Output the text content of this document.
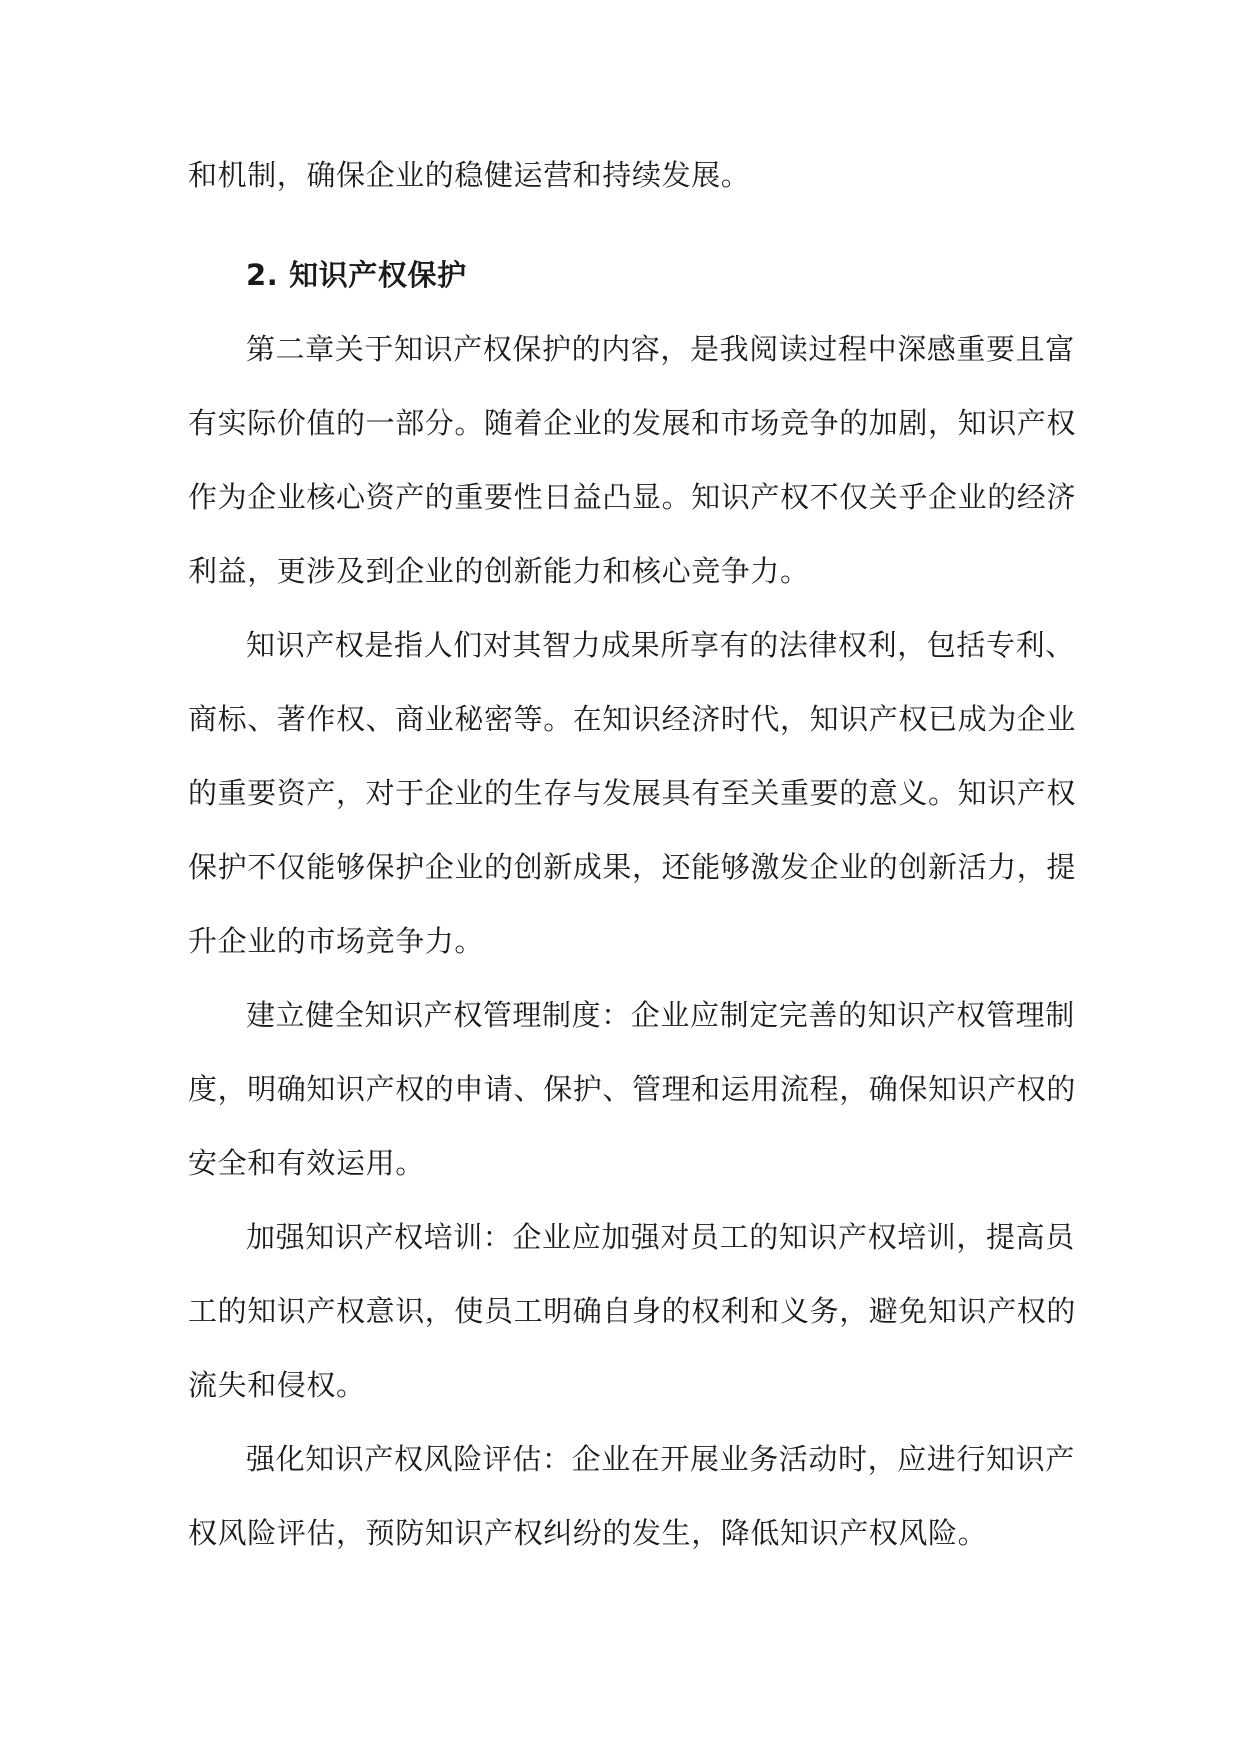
和机制，确保企业的稳健运营和持续发展。
2. 知识产权保护
第二章关于知识产权保护的内容，是我阅读过程中深感重要且富
有实际价值的一部分。随着企业的发展和市场竞争的加剧，知识产权
作为企业核心资产的重要性日益凸显。知识产权不仅关乎企业的经济
利益，更涉及到企业的创新能力和核心竞争力。
知识产权是指人们对其智力成果所享有的法律权利，包括专利、
商标、著作权、商业秘密等。在知识经济时代，知识产权已成为企业
的重要资产，对于企业的生存与发展具有至关重要的意义。知识产权
保护不仅能够保护企业的创新成果，还能够激发企业的创新活力，提
升企业的市场竞争力。
建立健全知识产权管理制度：企业应制定完善的知识产权管理制
度，明确知识产权的申请、保护、管理和运用流程，确保知识产权的
安全和有效运用。
加强知识产权培训：企业应加强对员工的知识产权培训，提高员
工的知识产权意识，使员工明确自身的权利和义务，避免知识产权的
流失和侵权。
强化知识产权风险评估：企业在开展业务活动时，应进行知识产
权风险评估，预防知识产权纠纷的发生，降低知识产权风险。
